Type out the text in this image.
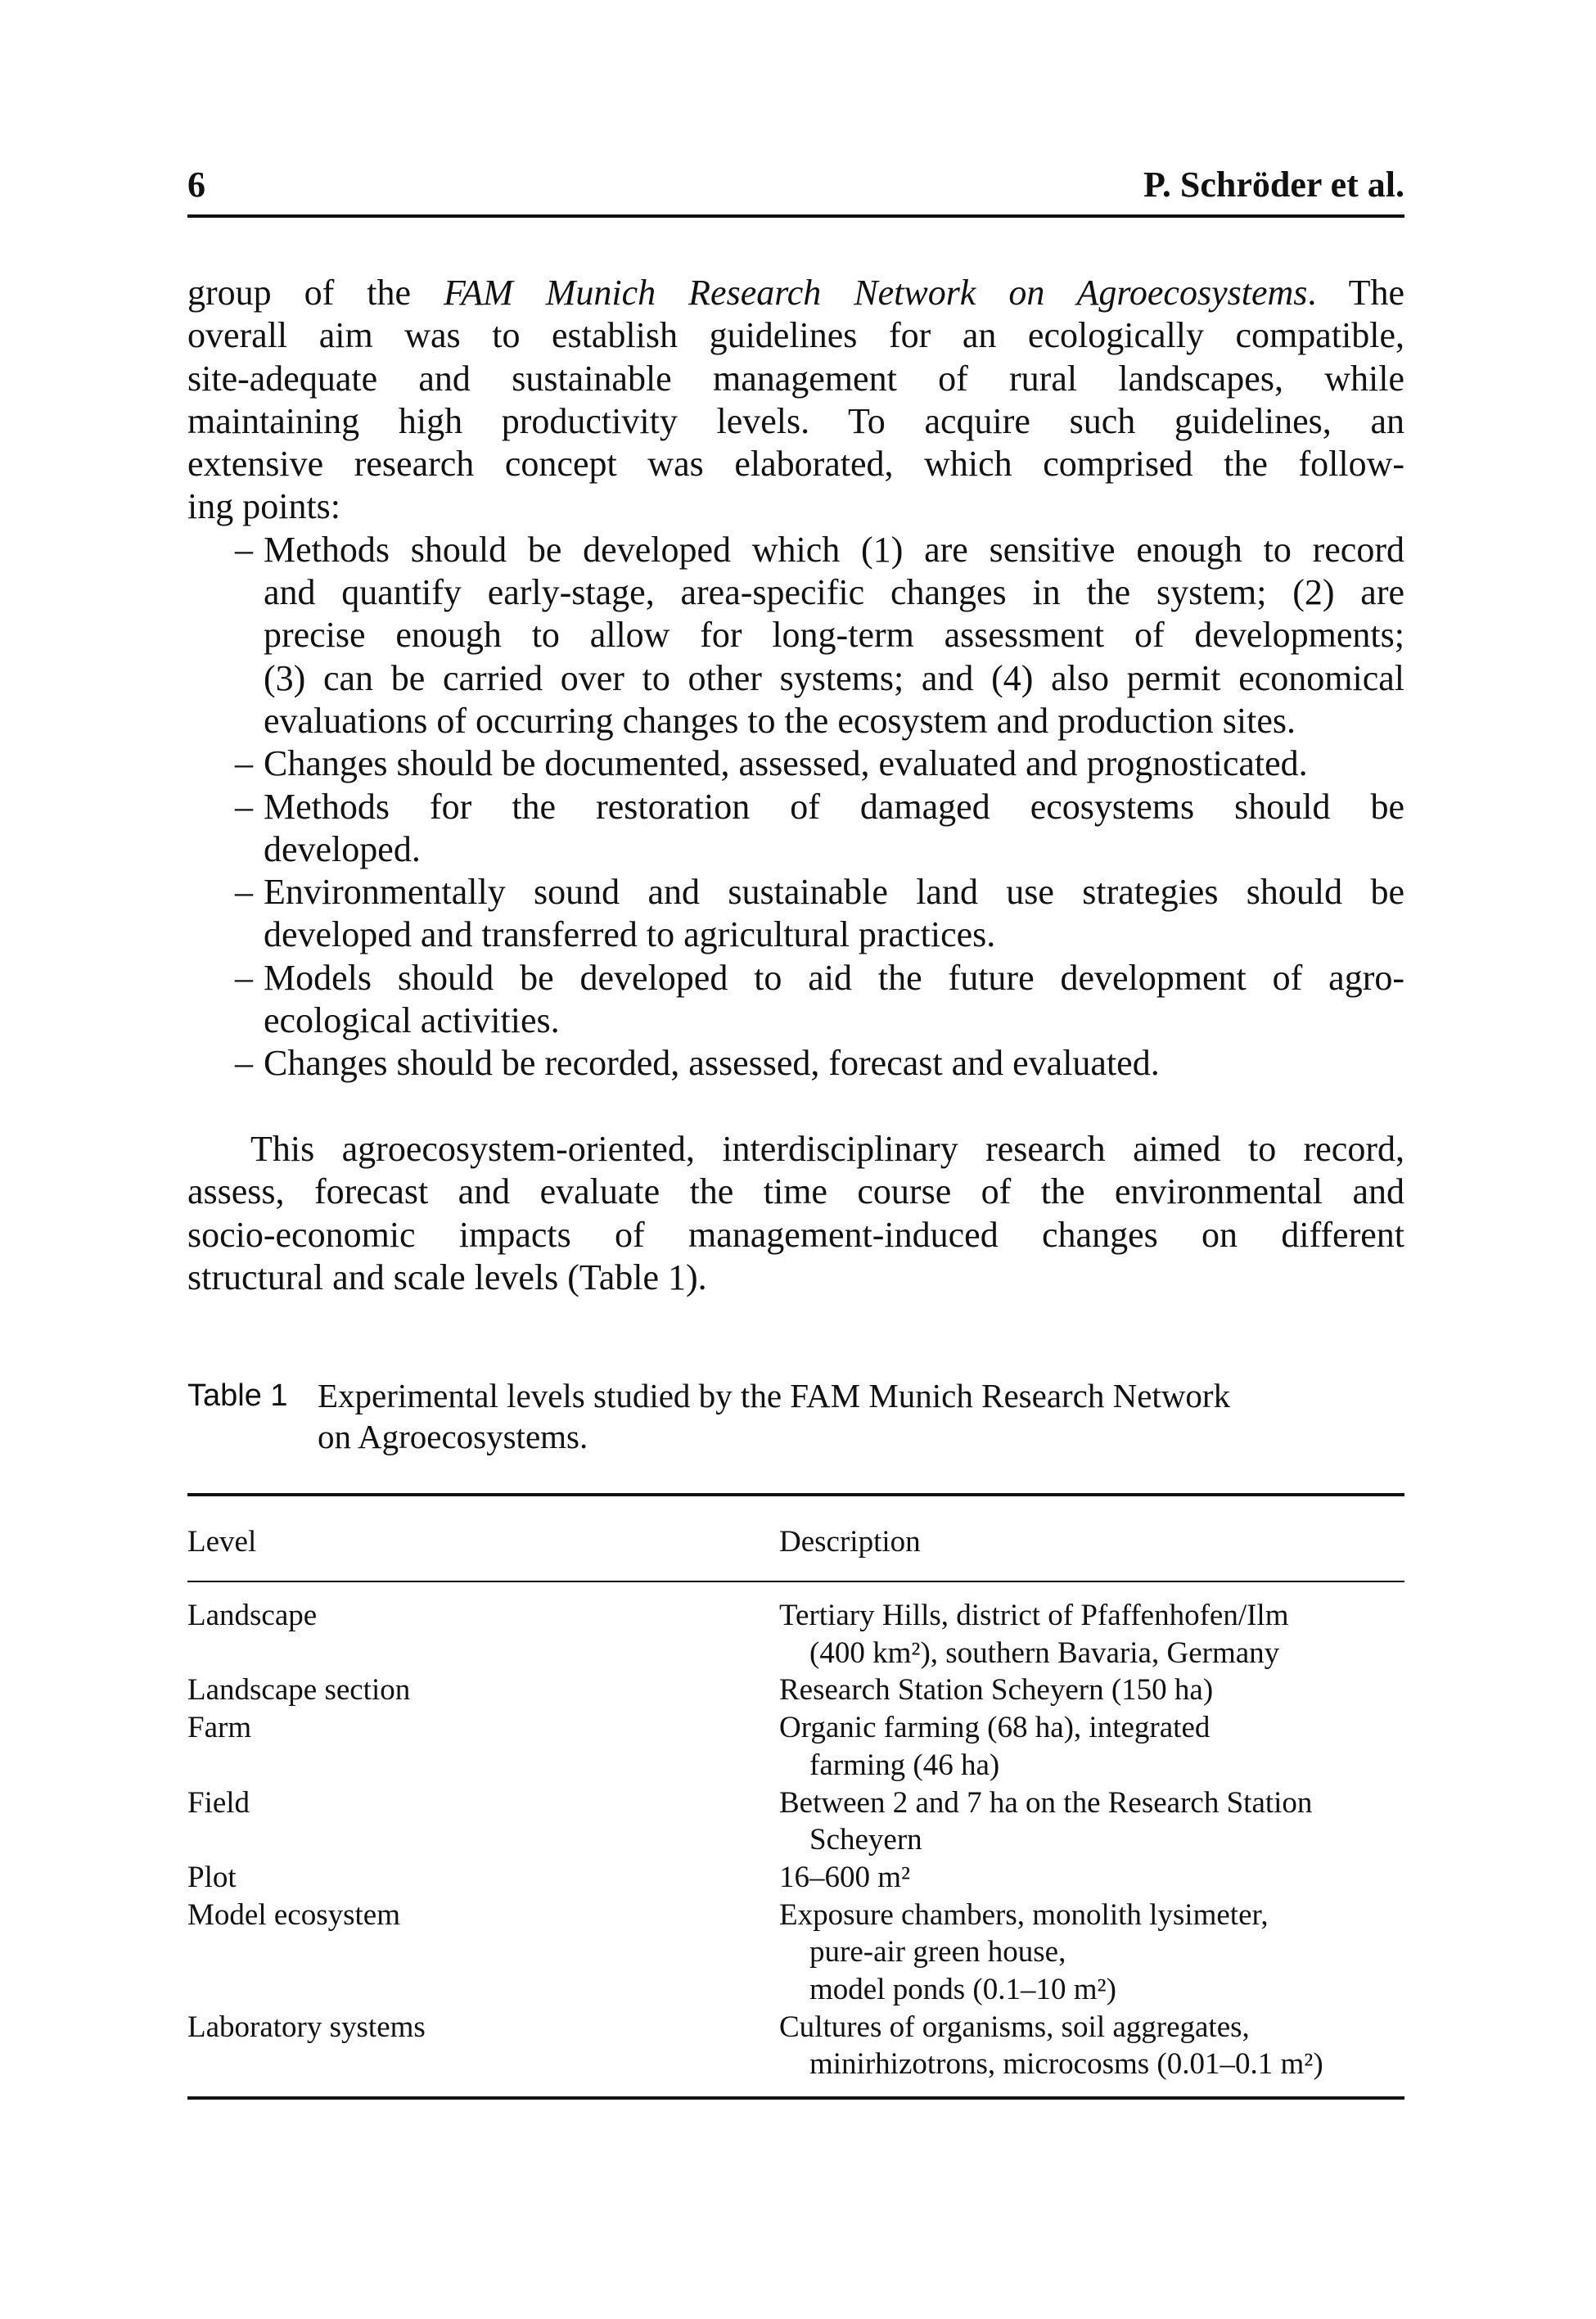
6	P. Schröder et al.
group of the FAM Munich Research Network on Agroecosystems. The
overall aim was to establish guidelines for an ecologically compatible,
site-adequate and sustainable management of rural landscapes, while
maintaining high productivity levels. To acquire such guidelines, an
extensive research concept was elaborated, which comprised the follow-
ing points:
– Methods should be developed which (1) are sensitive enough to record
and quantify early-stage, area-specific changes in the system; (2) are
precise enough to allow for long-term assessment of developments;
(3) can be carried over to other systems; and (4) also permit economical
evaluations of occurring changes to the ecosystem and production sites.
– Changes should be documented, assessed, evaluated and prognosticated.
– Methods for the restoration of damaged ecosystems should be
developed.
– Environmentally sound and sustainable land use strategies should be
developed and transferred to agricultural practices.
– Models should be developed to aid the future development of agro-
ecological activities.
– Changes should be recorded, assessed, forecast and evaluated.
This agroecosystem-oriented, interdisciplinary research aimed to record,
assess, forecast and evaluate the time course of the environmental and
socio-economic impacts of management-induced changes on different
structural and scale levels (Table 1).
Table 1 Experimental levels studied by the FAM Munich Research Network
on Agroecosystems.
Level	Description
Landscape	Tertiary Hills, district of Pfaffenhofen/Ilm
(400 km²), southern Bavaria, Germany
Landscape section	Research Station Scheyern (150 ha)
Farm	Organic farming (68 ha), integrated
farming (46 ha)
Field	Between 2 and 7 ha on the Research Station
Scheyern
Plot	16–600 m²
Model ecosystem	Exposure chambers, monolith lysimeter,
pure-air green house,
model ponds (0.1–10 m²)
Laboratory systems	Cultures of organisms, soil aggregates,
minirhizotrons, microcosms (0.01–0.1 m²)
